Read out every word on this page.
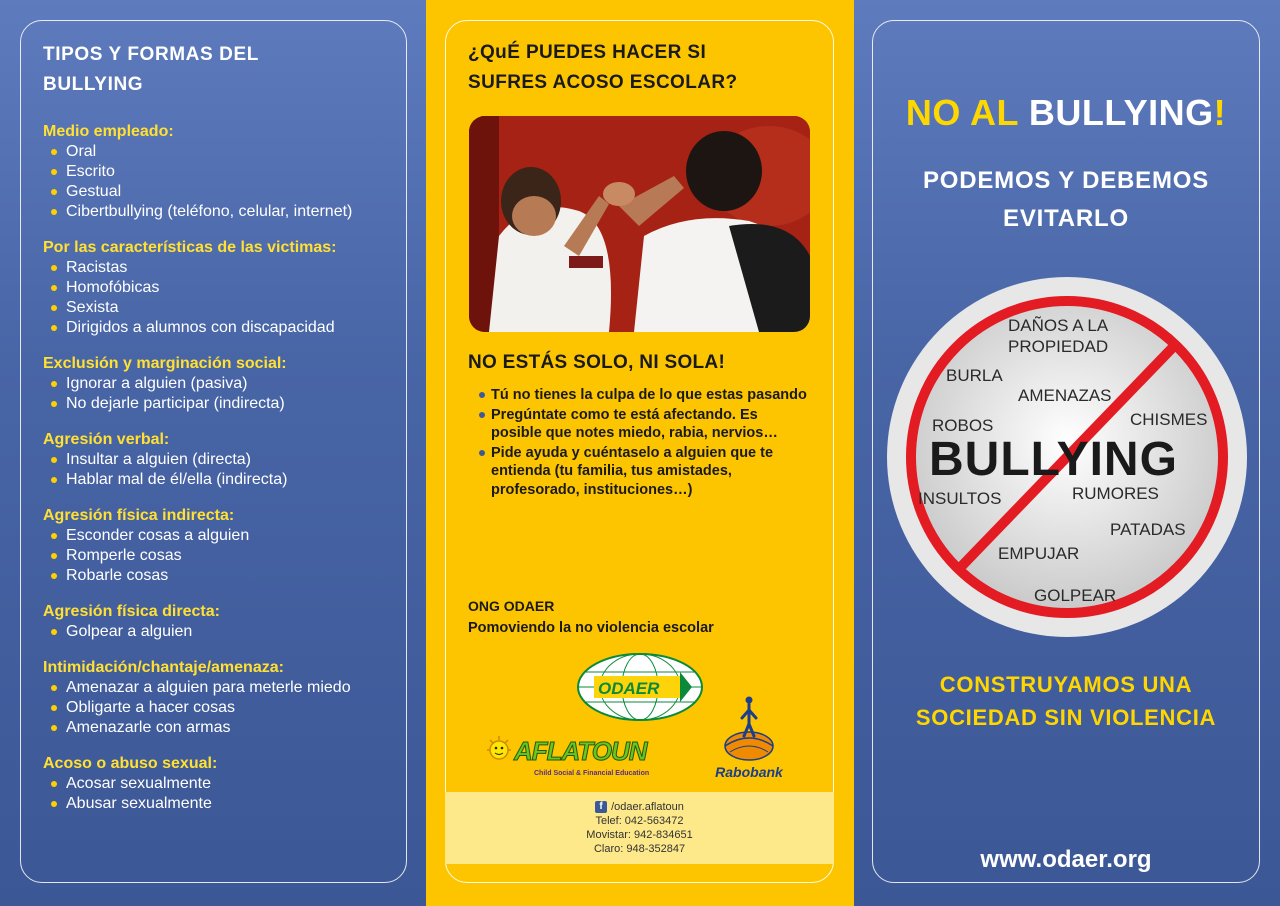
TIPOS Y FORMAS DEL
BULLYING
Medio empleado:
Oral
Escrito
Gestual
Cibertbullying (teléfono, celular, internet)
Por las características de las victimas:
Racistas
Homofóbicas
Sexista
Dirigidos a alumnos con discapacidad
Exclusión y marginación social:
Ignorar a alguien (pasiva)
No dejarle participar (indirecta)
Agresión verbal:
Insultar a alguien (directa)
Hablar mal de él/ella (indirecta)
Agresión física indirecta:
Esconder cosas a alguien
Romperle cosas
Robarle cosas
Agresión física directa:
Golpear a alguien
Intimidación/chantaje/amenaza:
Amenazar a alguien para meterle miedo
Obligarte a hacer cosas
Amenazarle con armas
Acoso o abuso sexual:
Acosar sexualmente
Abusar sexualmente
¿QuÉ PUEDES HACER SI
SUFRES ACOSO ESCOLAR?
NO ESTÁS SOLO, NI SOLA!
Tú no tienes la culpa de lo que estas pasando
Pregúntate como te está afectando. Es posible que notes miedo, rabia, nervios…
Pide ayuda y cuéntaselo a alguien que te entienda (tu familia, tus amistades, profesorado, instituciones…)
ONG ODAER
Pomoviendo la no violencia escolar
ODAER
AFLATOUN
Child Social & Financial Education	Rabobank
f /odaer.aflatoun
Telef: 042-563472
Movistar: 942-834651
Claro: 948-352847
NO AL BULLYING!
PODEMOS Y DEBEMOS
EVITARLO
DAÑOS A LA
PROPIEDAD
BURLA
AMENAZAS
ROBOS	CHISMES
BULLYING
INSULTOS	RUMORES
PATADAS
EMPUJAR
GOLPEAR
CONSTRUYAMOS UNA
SOCIEDAD SIN VIOLENCIA
www.odaer.org
